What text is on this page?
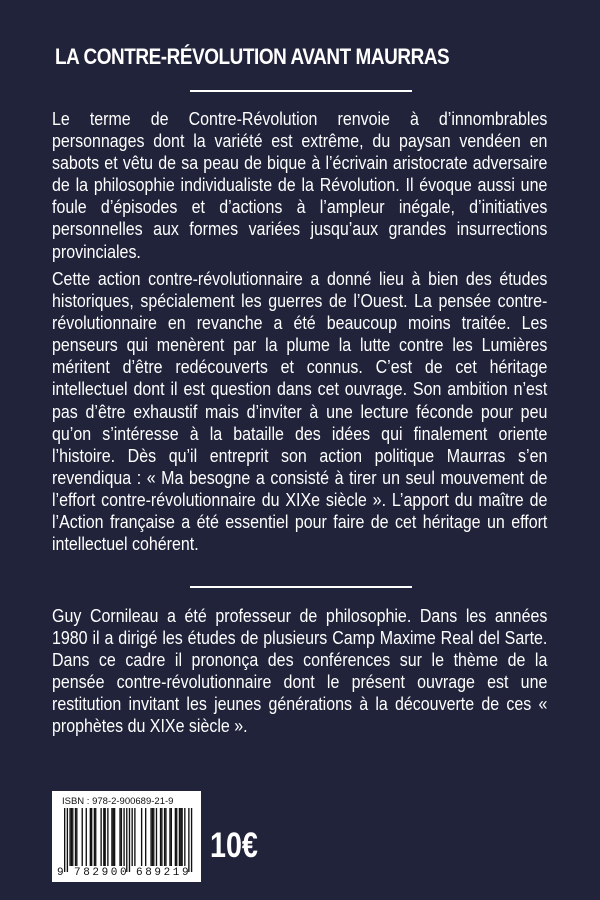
LA CONTRE-RÉVOLUTION AVANT MAURRAS
Le terme de Contre-Révolution renvoie à d’innombrables personnages dont la variété est extrême, du paysan vendéen en sabots et vêtu de sa peau de bique à l’écrivain aristocrate adversaire de la philosophie individualiste de la Révolution. Il évoque aussi une foule d’épisodes et d’actions à l’ampleur inégale, d’initiatives personnelles aux formes variées jusqu’aux grandes insurrections provinciales.
Cette action contre-révolutionnaire a donné lieu à bien des études historiques, spécialement les guerres de l’Ouest. La pensée contre-révolutionnaire en revanche a été beaucoup moins traitée. Les penseurs qui menèrent par la plume la lutte contre les Lumières méritent d’être redécouverts et connus. C’est de cet héritage intellectuel dont il est question dans cet ouvrage. Son ambition n’est pas d’être exhaustif mais d’inviter à une lecture féconde pour peu qu’on s’intéresse à la bataille des idées qui finalement oriente l’histoire. Dès qu’il entreprit son action politique Maurras s’en revendiqua : « Ma besogne a consisté à tirer un seul mouvement de l’effort contre-révolutionnaire du XIXe siècle ». L’apport du maître de l’Action française a été essentiel pour faire de cet héritage un effort intellectuel cohérent.
Guy Cornileau a été professeur de philosophie. Dans les années 1980 il a dirigé les études de plusieurs Camp Maxime Real del Sarte. Dans ce cadre il prononça des conférences sur le thème de la pensée contre-révolutionnaire dont le présent ouvrage est une restitution invitant les jeunes générations à la découverte de ces « prophètes du XIXe siècle ».
ISBN : 978-2-900689-21-9
9 782900 689219
10€
